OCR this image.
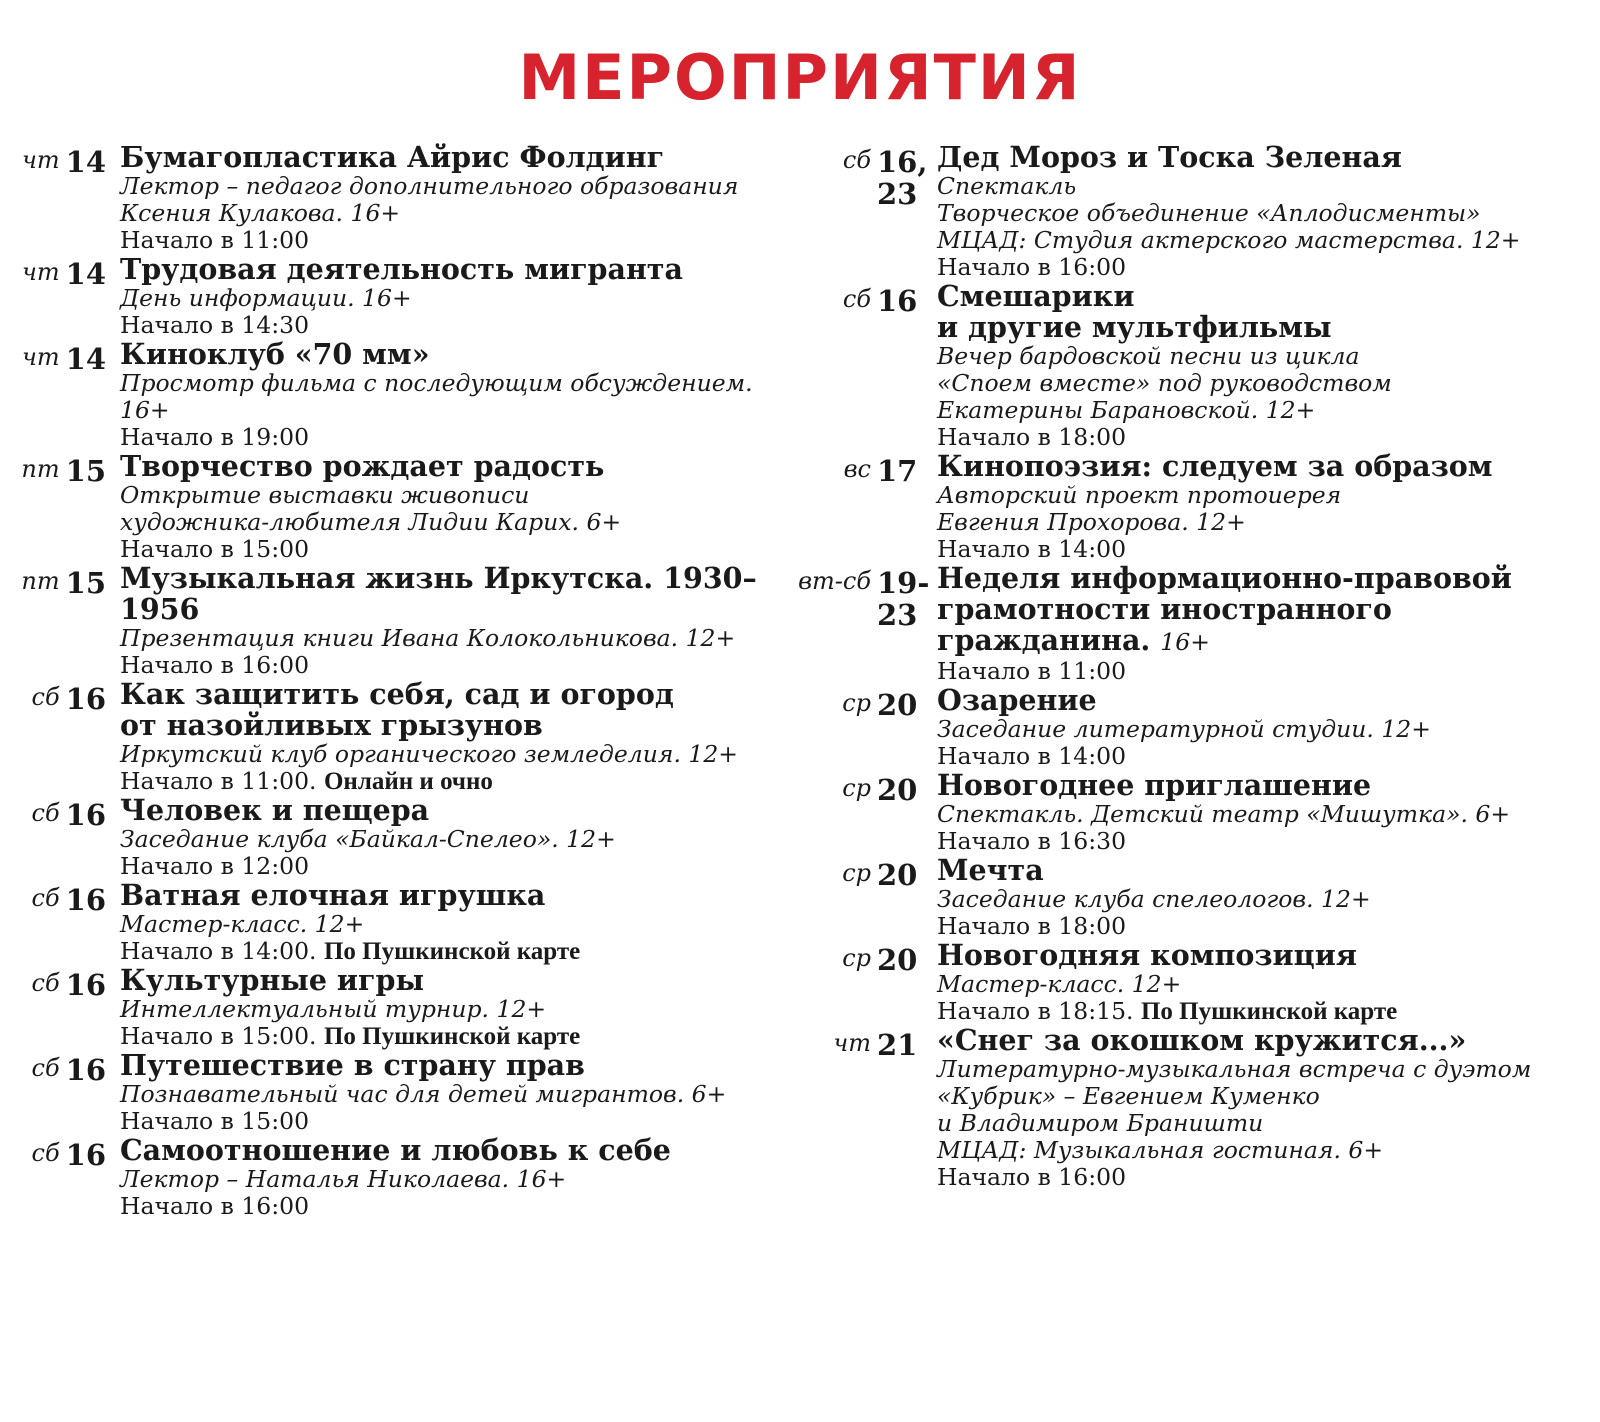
МЕРОПРИЯТИЯ
чт 14 Бумагопластика Айрис Фолдинг
Лектор – педагог дополнительного образования
Ксения Кулакова. 16+
Начало в 11:00
чт 14 Трудовая деятельность мигранта
День информации. 16+
Начало в 14:30
чт 14 Киноклуб «70 мм»
Просмотр фильма с последующим обсуждением. 16+
Начало в 19:00
пт 15 Творчество рождает радость
Открытие выставки живописи
художника-любителя Лидии Карих. 6+
Начало в 15:00
пт 15 Музыкальная жизнь Иркутска. 1930–1956
Презентация книги Ивана Колокольникова. 12+
Начало в 16:00
сб 16 Как защитить себя, сад и огород
от назойливых грызунов
Иркутский клуб органического земледелия. 12+
Начало в 11:00. Онлайн и очно
сб 16 Человек и пещера
Заседание клуба «Байкал-Спелео». 12+
Начало в 12:00
сб 16 Ватная елочная игрушка
Мастер-класс. 12+
Начало в 14:00. По Пушкинской карте
сб 16 Культурные игры
Интеллектуальный турнир. 12+
Начало в 15:00. По Пушкинской карте
сб 16 Путешествие в страну прав
Познавательный час для детей мигрантов. 6+
Начало в 15:00
сб 16 Самоотношение и любовь к себе
Лектор – Наталья Николаева. 16+
Начало в 16:00
сб 16,
23
Дед Мороз и Тоска Зеленая
Спектакль
Творческое объединение «Аплодисменты»
МЦАД: Студия актерского мастерства. 12+
Начало в 16:00
сб 16 Смешарики
и другие мультфильмы
Вечер бардовской песни из цикла
«Споем вместе» под руководством
Екатерины Барановской. 12+
Начало в 18:00
вс 17 Кинопоэзия: следуем за образом
Авторский проект протоиерея
Евгения Прохорова. 12+
Начало в 14:00
вт-сб 19-
23
Неделя информационно-правовой
грамотности иностранного
гражданина. 16+
Начало в 11:00
ср 20 Озарение
Заседание литературной студии. 12+
Начало в 14:00
ср 20 Новогоднее приглашение
Спектакль. Детский театр «Мишутка». 6+
Начало в 16:30
ср 20 Мечта
Заседание клуба спелеологов. 12+
Начало в 18:00
ср 20 Новогодняя композиция
Мастер-класс. 12+
Начало в 18:15. По Пушкинской карте
чт 21 «Снег за окошком кружится...»
Литературно-музыкальная встреча с дуэтом
«Кубрик» – Евгением Куменко
и Владимиром Браништи
МЦАД: Музыкальная гостиная. 6+
Начало в 16:00
